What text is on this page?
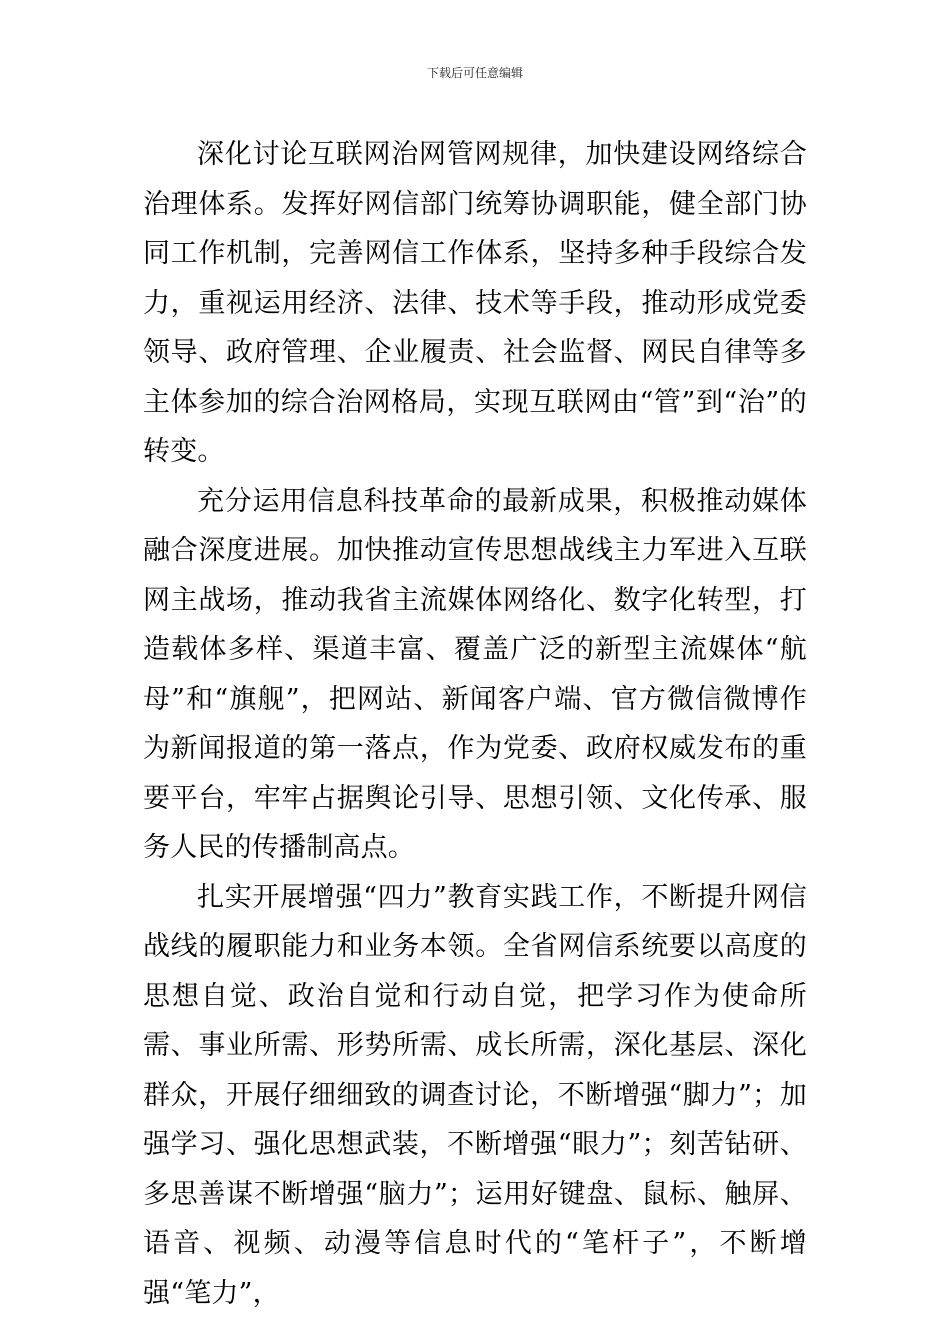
下载后可任意编辑

深化讨论互联网治网管网规律，加快建设网络综合治理体系。发挥好网信部门统筹协调职能，健全部门协同工作机制，完善网信工作体系，坚持多种手段综合发力，重视运用经济、法律、技术等手段，推动形成党委领导、政府管理、企业履责、社会监督、网民自律等多主体参加的综合治网格局，实现互联网由“管”到“治”的转变。

充分运用信息科技革命的最新成果，积极推动媒体融合深度进展。加快推动宣传思想战线主力军进入互联网主战场，推动我省主流媒体网络化、数字化转型，打造载体多样、渠道丰富、覆盖广泛的新型主流媒体“航母”和“旗舰”，把网站、新闻客户端、官方微信微博作为新闻报道的第一落点，作为党委、政府权威发布的重要平台，牢牢占据舆论引导、思想引领、文化传承、服务人民的传播制高点。

扎实开展增强“四力”教育实践工作，不断提升网信战线的履职能力和业务本领。全省网信系统要以高度的思想自觉、政治自觉和行动自觉，把学习作为使命所需、事业所需、形势所需、成长所需，深化基层、深化群众，开展仔细细致的调查讨论，不断增强“脚力”；加强学习、强化思想武装，不断增强“眼力”；刻苦钻研、多思善谋不断增强“脑力”；运用好键盘、鼠标、触屏、语音、视频、动漫等信息时代的“笔杆子”，不断增强“笔力”，
